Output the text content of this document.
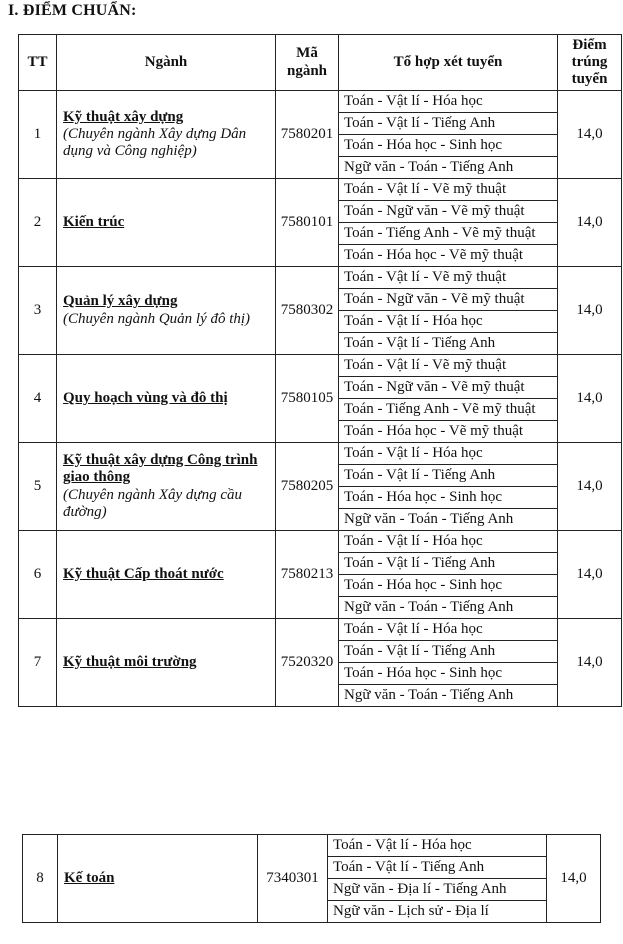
I. ĐIỂM CHUẨN:
TT	Ngành	Mã ngành	Tổ hợp xét tuyển	Điểm trúng tuyển
1	Kỹ thuật xây dựng
(Chuyên ngành Xây dựng Dân dụng và Công nghiệp)	7580201	Toán - Vật lí - Hóa học	14,0
			Toán - Vật lí - Tiếng Anh	
			Toán - Hóa học - Sinh học	
			Ngữ văn - Toán - Tiếng Anh	
2	Kiến trúc	7580101	Toán - Vật lí - Vẽ mỹ thuật	14,0
			Toán - Ngữ văn - Vẽ mỹ thuật	
			Toán - Tiếng Anh - Vẽ mỹ thuật	
			Toán - Hóa học - Vẽ mỹ thuật	
3	Quản lý xây dựng
(Chuyên ngành Quản lý đô thị)	7580302	Toán - Vật lí - Vẽ mỹ thuật	14,0
			Toán - Ngữ văn - Vẽ mỹ thuật	
			Toán - Vật lí - Hóa học	
			Toán - Vật lí - Tiếng Anh	
4	Quy hoạch vùng và đô thị	7580105	Toán - Vật lí - Vẽ mỹ thuật	14,0
			Toán - Ngữ văn - Vẽ mỹ thuật	
			Toán - Tiếng Anh - Vẽ mỹ thuật	
			Toán - Hóa học - Vẽ mỹ thuật	
5	Kỹ thuật xây dựng Công trình giao thông
(Chuyên ngành Xây dựng cầu đường)	7580205	Toán - Vật lí - Hóa học	14,0
			Toán - Vật lí - Tiếng Anh	
			Toán - Hóa học - Sinh học	
			Ngữ văn - Toán - Tiếng Anh	
6	Kỹ thuật Cấp thoát nước	7580213	Toán - Vật lí - Hóa học	14,0
			Toán - Vật lí - Tiếng Anh	
			Toán - Hóa học - Sinh học	
			Ngữ văn - Toán - Tiếng Anh	
7	Kỹ thuật môi trường	7520320	Toán - Vật lí - Hóa học	14,0
			Toán - Vật lí - Tiếng Anh	
			Toán - Hóa học - Sinh học	
			Ngữ văn - Toán - Tiếng Anh	
8	Kế toán	7340301	Toán - Vật lí - Hóa học	14,0
Toán - Vật lí - Tiếng Anh
Ngữ văn - Địa lí - Tiếng Anh
Ngữ văn - Lịch sử - Địa lí
